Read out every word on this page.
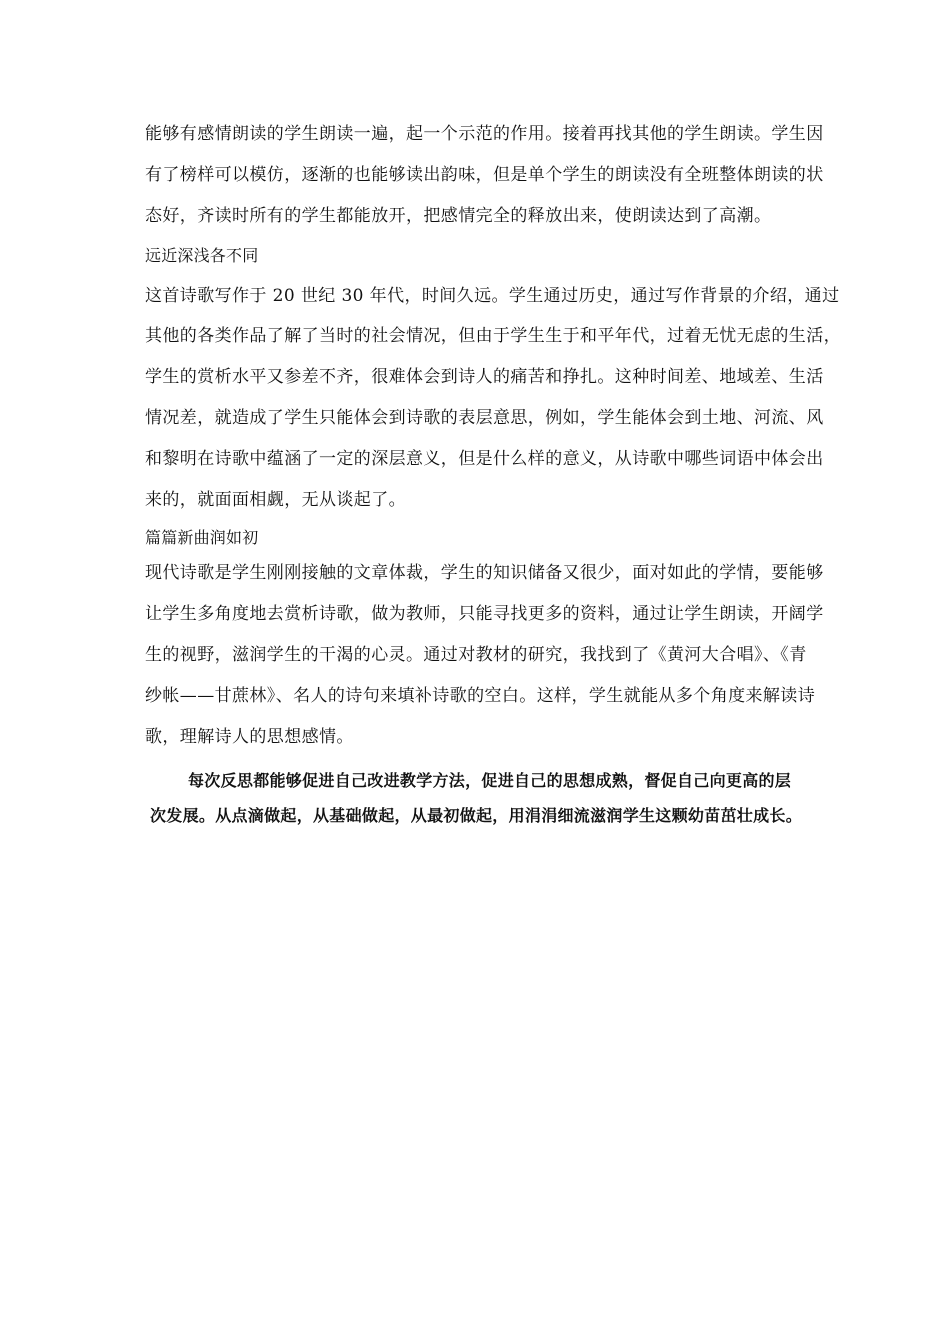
能够有感情朗读的学生朗读一遍，起一个示范的作用。接着再找其他的学生朗读。学生因
有了榜样可以模仿，逐渐的也能够读出韵味，但是单个学生的朗读没有全班整体朗读的状
态好，齐读时所有的学生都能放开，把感情完全的释放出来，使朗读达到了高潮。
远近深浅各不同
这首诗歌写作于 20 世纪 30 年代，时间久远。学生通过历史，通过写作背景的介绍，通过
其他的各类作品了解了当时的社会情况，但由于学生生于和平年代，过着无忧无虑的生活，
学生的赏析水平又参差不齐，很难体会到诗人的痛苦和挣扎。这种时间差、地域差、生活
情况差，就造成了学生只能体会到诗歌的表层意思，例如，学生能体会到土地、河流、风
和黎明在诗歌中蕴涵了一定的深层意义，但是什么样的意义，从诗歌中哪些词语中体会出
来的，就面面相觑，无从谈起了。
篇篇新曲润如初
现代诗歌是学生刚刚接触的文章体裁，学生的知识储备又很少，面对如此的学情，要能够
让学生多角度地去赏析诗歌，做为教师，只能寻找更多的资料，通过让学生朗读，开阔学
生的视野，滋润学生的干渴的心灵。通过对教材的研究，我找到了《黄河大合唱》、《青
纱帐——甘蔗林》、名人的诗句来填补诗歌的空白。这样，学生就能从多个角度来解读诗
歌，理解诗人的思想感情。
每次反思都能够促进自己改进教学方法，促进自己的思想成熟，督促自己向更高的层
次发展。从点滴做起，从基础做起，从最初做起，用涓涓细流滋润学生这颗幼苗茁壮成长。
